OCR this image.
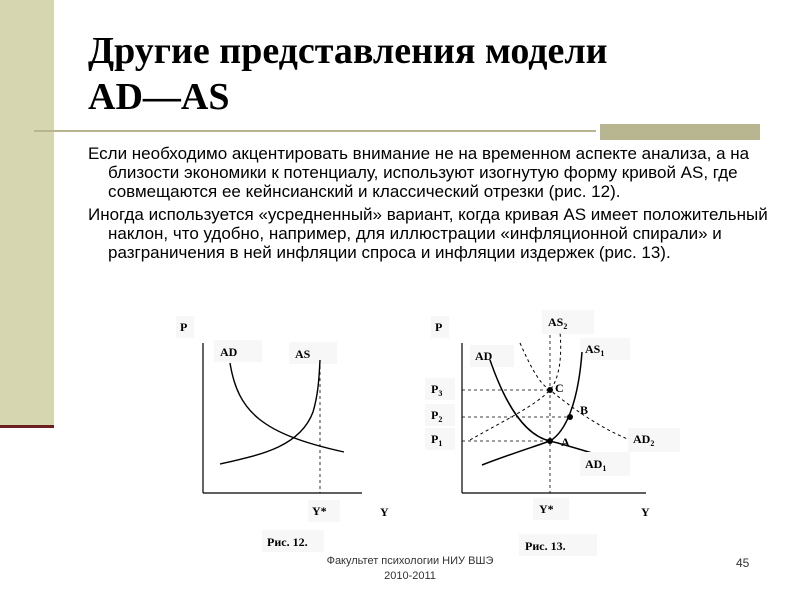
Другие представления модели
AD—AS

Если необходимо акцентировать внимание не на временном аспекте анализа, а на близости экономики к потенциалу, используют изогнутую форму кривой AS, где совмещаются ее кейнсианский и классический отрезки (рис. 12).

Иногда используется «усредненный» вариант, когда кривая AS имеет положительный наклон, что удобно, например, для иллюстрации «инфляционной спирали» и разграничения в ней инфляции спроса и инфляции издержек (рис. 13).

P
AD	AS
Y*	Y
Рис. 12.
P	$AS_2$
$AS_1$
AD
A
B
C
$P_3$
$P_2$
$P_1$	$AD_2$
$AD_1$
Y*	Y
Рис. 13.
Факультет психологии НИУ ВШЭ
2010-2011
45
